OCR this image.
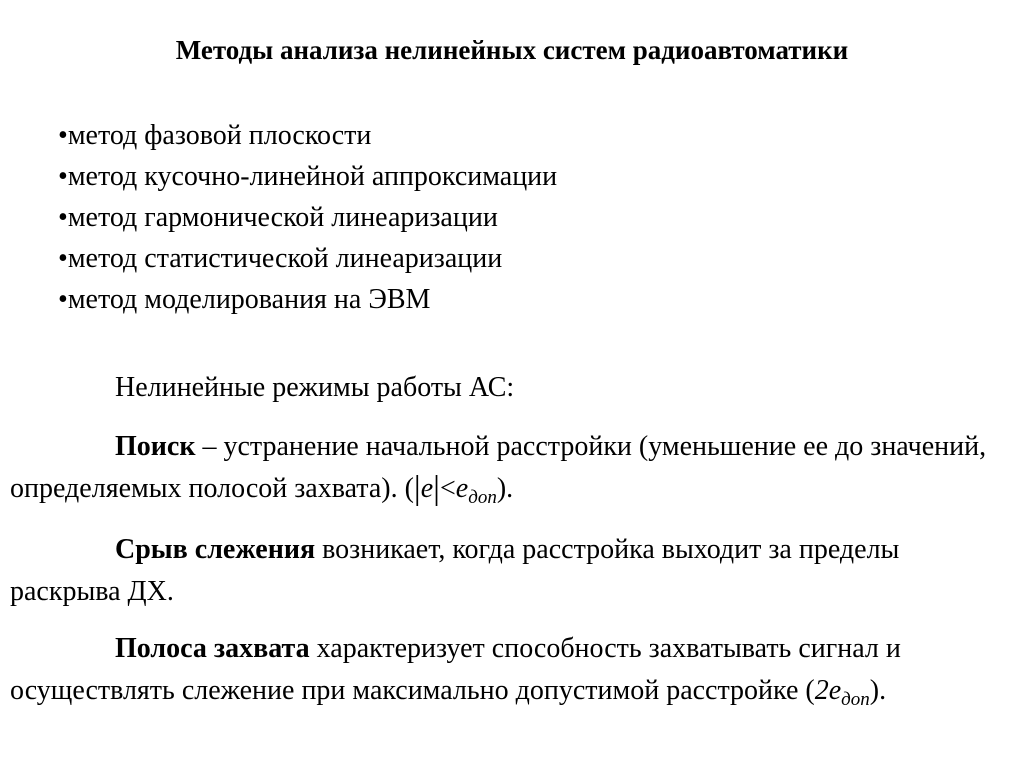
Методы анализа нелинейных систем радиоавтоматики
•метод фазовой плоскости
•метод кусочно-линейной аппроксимации
•метод гармонической линеаризации
•метод статистической линеаризации
•метод моделирования на ЭВМ

Нелинейные режимы работы АС:

Поиск – устранение начальной расстройки (уменьшение ее до значений, определяемых полосой захвата). $(|e|<e_{доп})$.

Срыв слежения возникает, когда расстройка выходит за пределы раскрыва ДХ.

Полоса захвата характеризует способность захватывать сигнал и осуществлять слежение при максимально допустимой расстройке $(2e_{доп})$.
